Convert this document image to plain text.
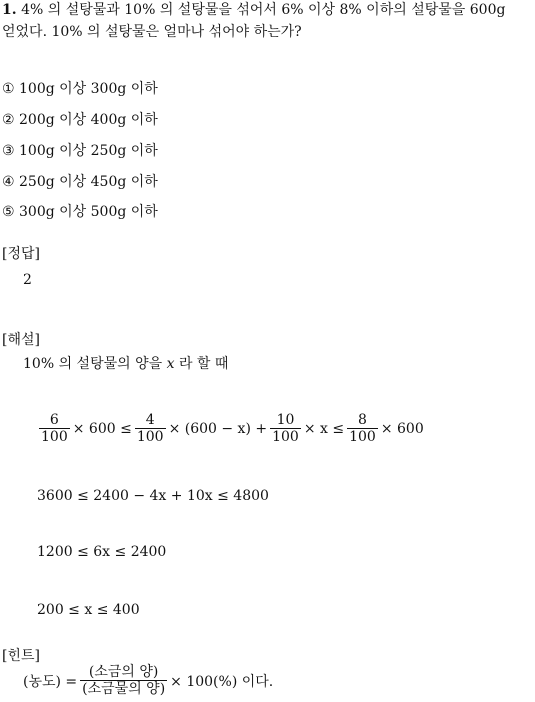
1. 4% 의 설탕물과 10% 의 설탕물을 섞어서 6% 이상 8% 이하의 설탕물을 600g
얻었다. 10% 의 설탕물은 얼마나 섞어야 하는가?
① 100g 이상 300g 이하
② 200g 이상 400g 이하
③ 100g 이상 250g 이하
④ 250g 이상 450g 이하
⑤ 300g 이상 500g 이하
[정답]
2
[해설]
10% 의 설탕물의 양을 x 라 할 때
$\frac{6}{100} \times 600 \le \frac{4}{100} \times (600 - x) + \frac{10}{100} \times x \le \frac{8}{100} \times 600$
3600 ≤ 2400 − 4x + 10x ≤ 4800
1200 ≤ 6x ≤ 2400
200 ≤ x ≤ 400
[힌트]
(농도) = $\frac{\text{(소금의 양)}}{\text{(소금물의 양)}} \times 100(\%)$ 이다.
